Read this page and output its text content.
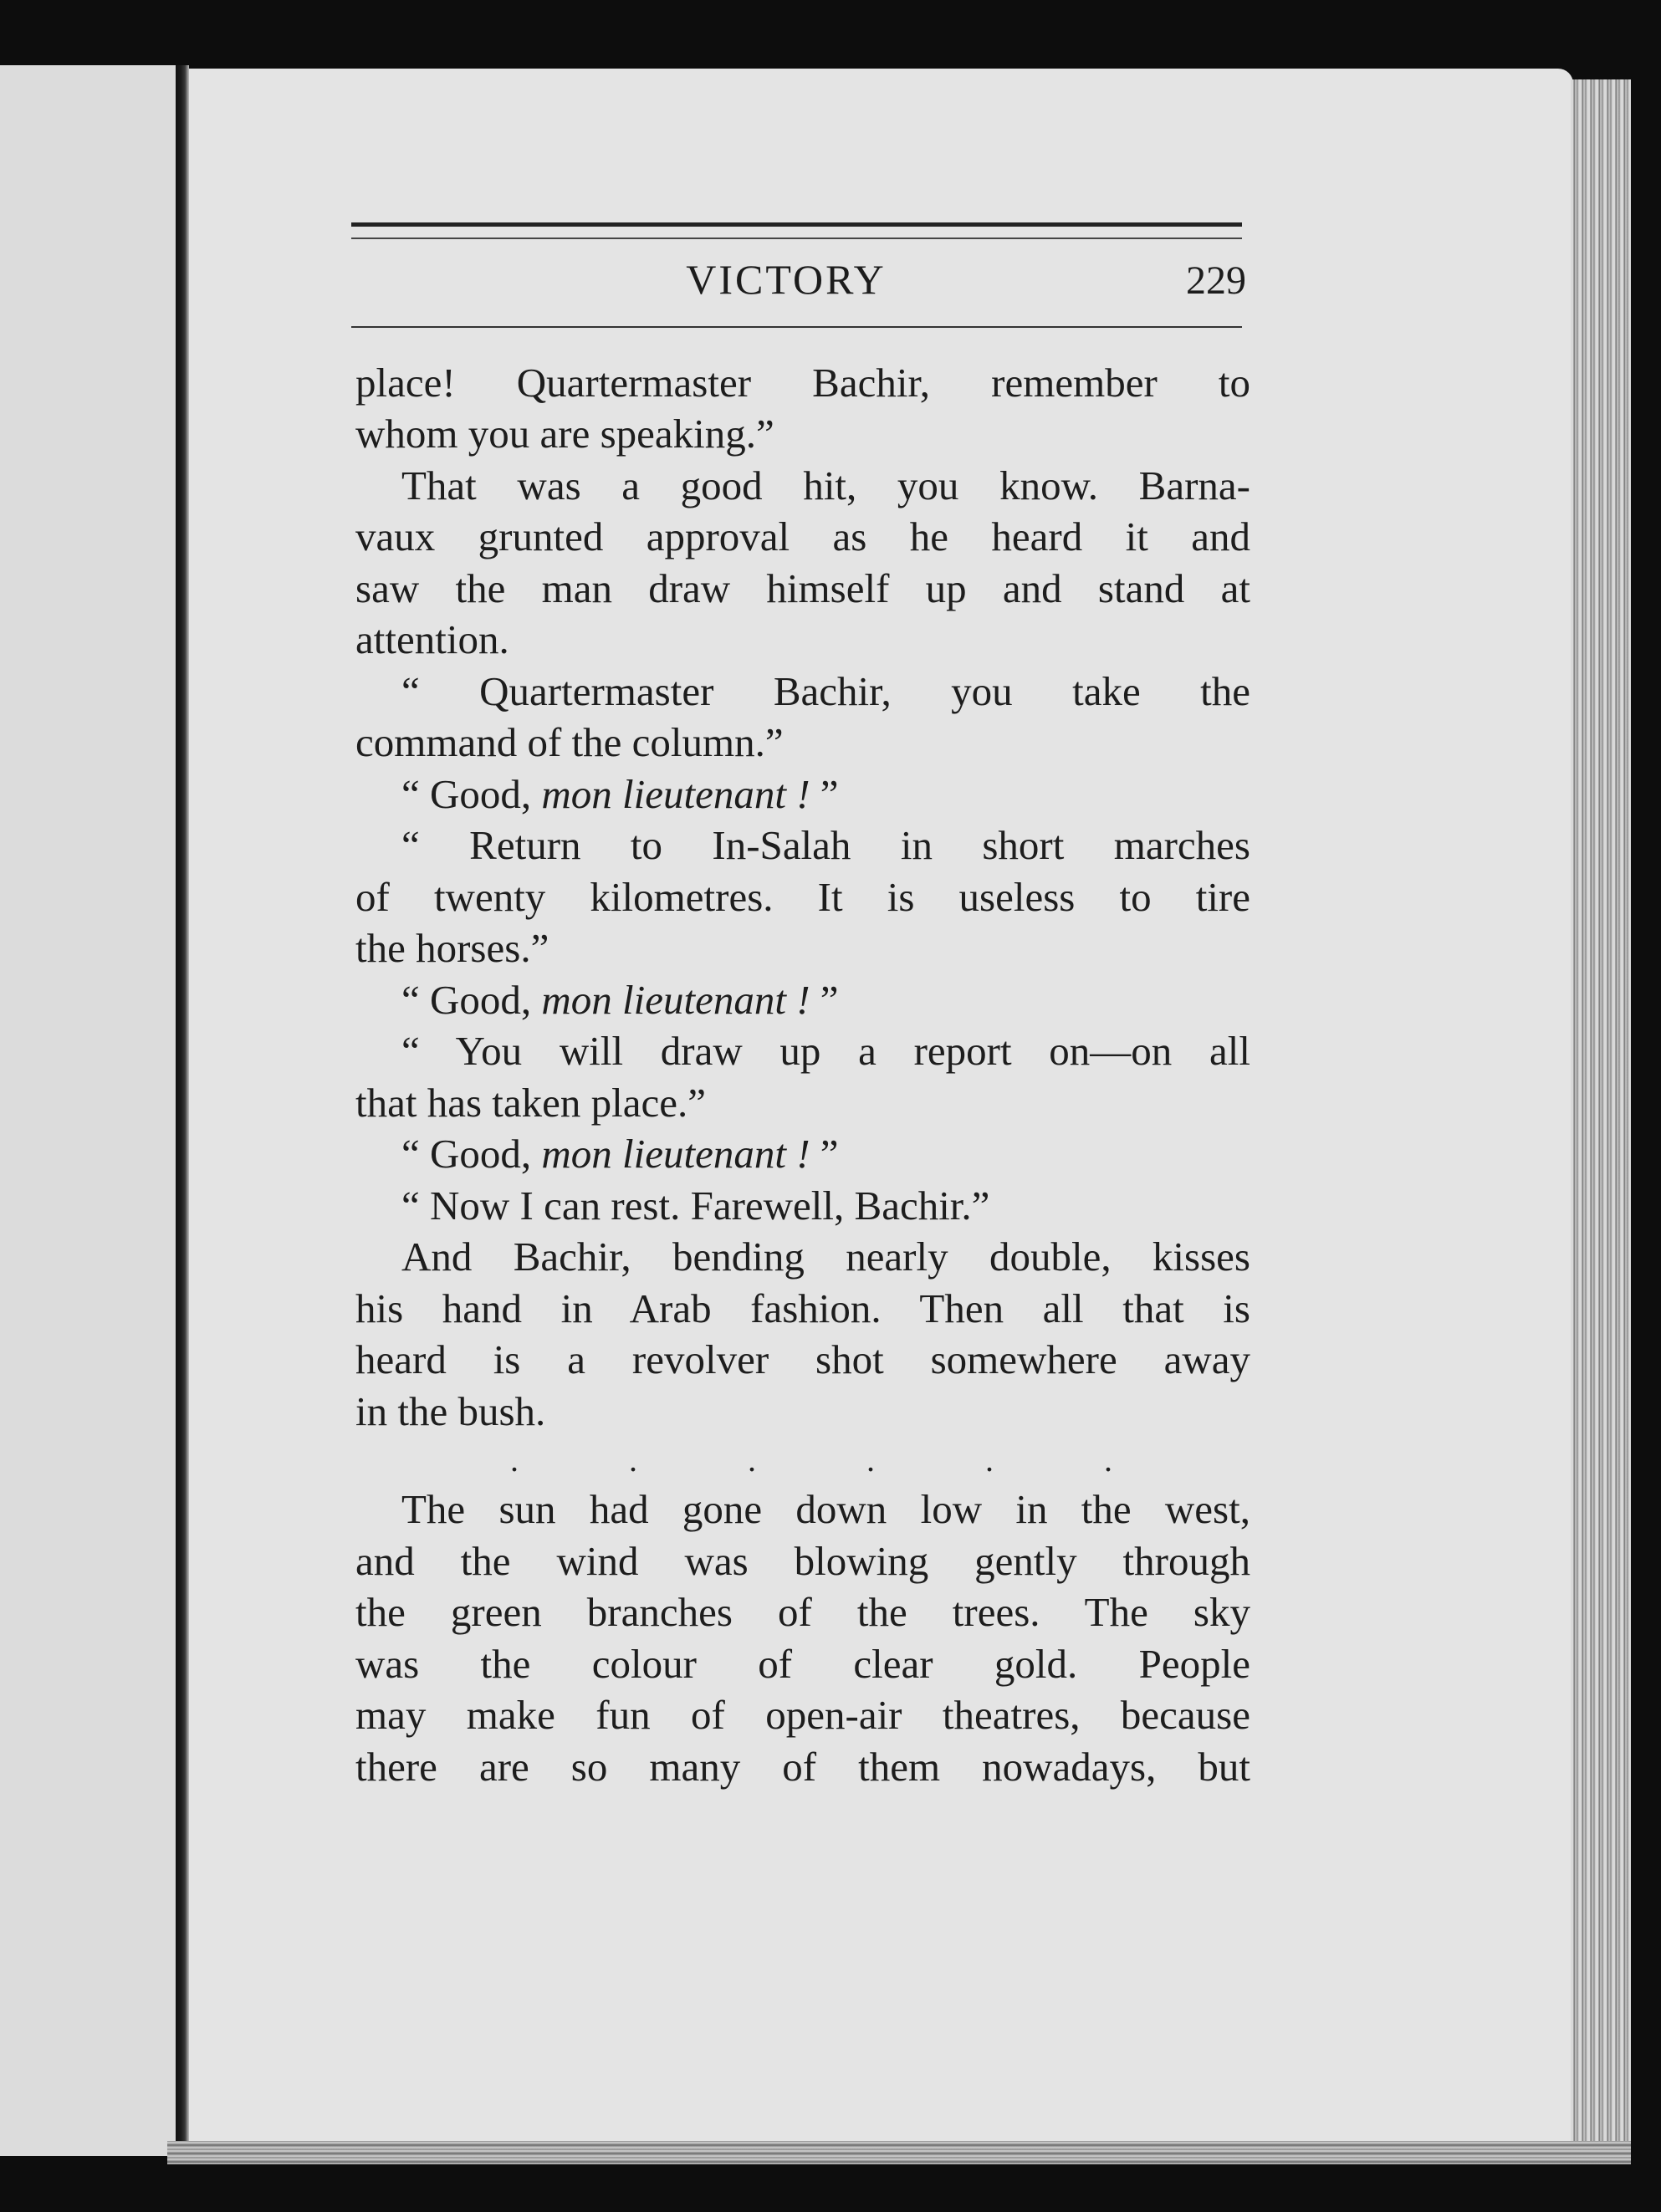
VICTORY	229
place! Quartermaster Bachir, remember to
whom you are speaking.”
That was a good hit, you know. Barna-
vaux grunted approval as he heard it and
saw the man draw himself up and stand at
attention.
“ Quartermaster Bachir, you take the
command of the column.”
“ Good, mon lieutenant ! ”
“ Return to In-Salah in short marches
of twenty kilometres. It is useless to tire
the horses.”
“ Good, mon lieutenant ! ”
“ You will draw up a report on—on all
that has taken place.”
“ Good, mon lieutenant ! ”
“ Now I can rest. Farewell, Bachir.”
And Bachir, bending nearly double, kisses
his hand in Arab fashion. Then all that is
heard is a revolver shot somewhere away
in the bush.
. . . . . .
The sun had gone down low in the west,
and the wind was blowing gently through
the green branches of the trees. The sky
was the colour of clear gold. People
may make fun of open-air theatres, because
there are so many of them nowadays, but
